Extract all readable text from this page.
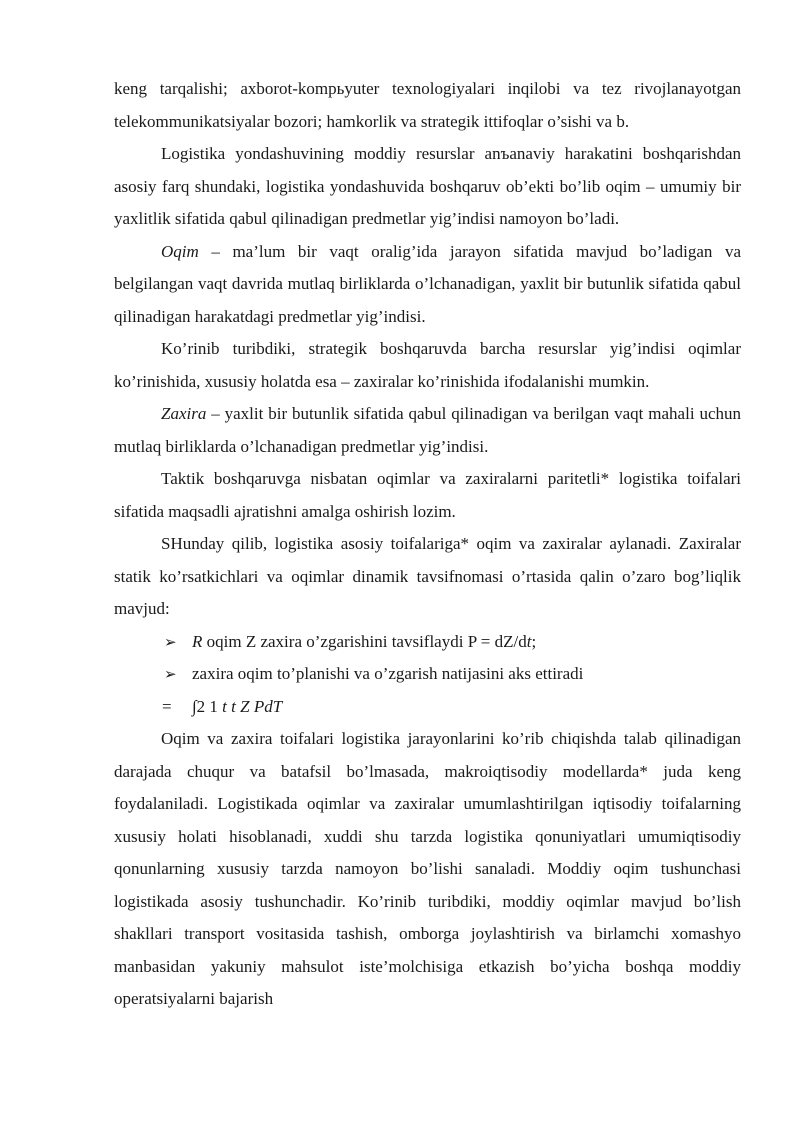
keng tarqalishi; axborot-kompьyuter texnologiyalari inqilobi va tez rivojlanayotgan telekommunikatsiyalar bozori; hamkorlik va strategik ittifoqlar o’sishi va b.

Logistika yondashuvining moddiy resurslar anъanaviy harakatini boshqarishdan asosiy farq shundaki, logistika yondashuvida boshqaruv ob’ekti bo’lib oqim – umumiy bir yaxlitlik sifatida qabul qilinadigan predmetlar yig’indisi namoyon bo’ladi.

Oqim – ma’lum bir vaqt oralig’ida jarayon sifatida mavjud bo’ladigan va belgilangan vaqt davrida mutlaq birliklarda o’lchanadigan, yaxlit bir butunlik sifatida qabul qilinadigan harakatdagi predmetlar yig’indisi.

Ko’rinib turibdiki, strategik boshqaruvda barcha resurslar yig’indisi oqimlar ko’rinishida, xususiy holatda esa – zaxiralar ko’rinishida ifodalanishi mumkin.

Zaxira – yaxlit bir butunlik sifatida qabul qilinadigan va berilgan vaqt mahali uchun mutlaq birliklarda o’lchanadigan predmetlar yig’indisi.

Taktik boshqaruvga nisbatan oqimlar va zaxiralarni paritetli* logistika toifalari sifatida maqsadli ajratishni amalga oshirish lozim.

SHunday qilib, logistika asosiy toifalariga* oqim va zaxiralar aylanadi. Zaxiralar statik ko’rsatkichlari va oqimlar dinamik tavsifnomasi o’rtasida qalin o’zaro bog’liqlik mavjud:

➢ R oqim Z zaxira o’zgarishini tavsiflaydi P = dZ/dt;

➢ zaxira oqim to’planishi va o’zgarish natijasini aks ettiradi

= ∫2 1 t t Z PdT

Oqim va zaxira toifalari logistika jarayonlarini ko’rib chiqishda talab qilinadigan darajada chuqur va batafsil bo’lmasada, makroiqtisodiy modellarda* juda keng foydalaniladi. Logistikada oqimlar va zaxiralar umumlashtirilgan iqtisodiy toifalarning xususiy holati hisoblanadi, xuddi shu tarzda logistika qonuniyatlari umumiqtisodiy qonunlarning xususiy tarzda namoyon bo’lishi sanaladi. Moddiy oqim tushunchasi logistikada asosiy tushunchadir. Ko’rinib turibdiki, moddiy oqimlar mavjud bo’lish shakllari transport vositasida tashish, omborga joylashtirish va birlamchi xomashyo manbasidan yakuniy mahsulot iste’molchisiga etkazish bo’yicha boshqa moddiy operatsiyalarni bajarish
